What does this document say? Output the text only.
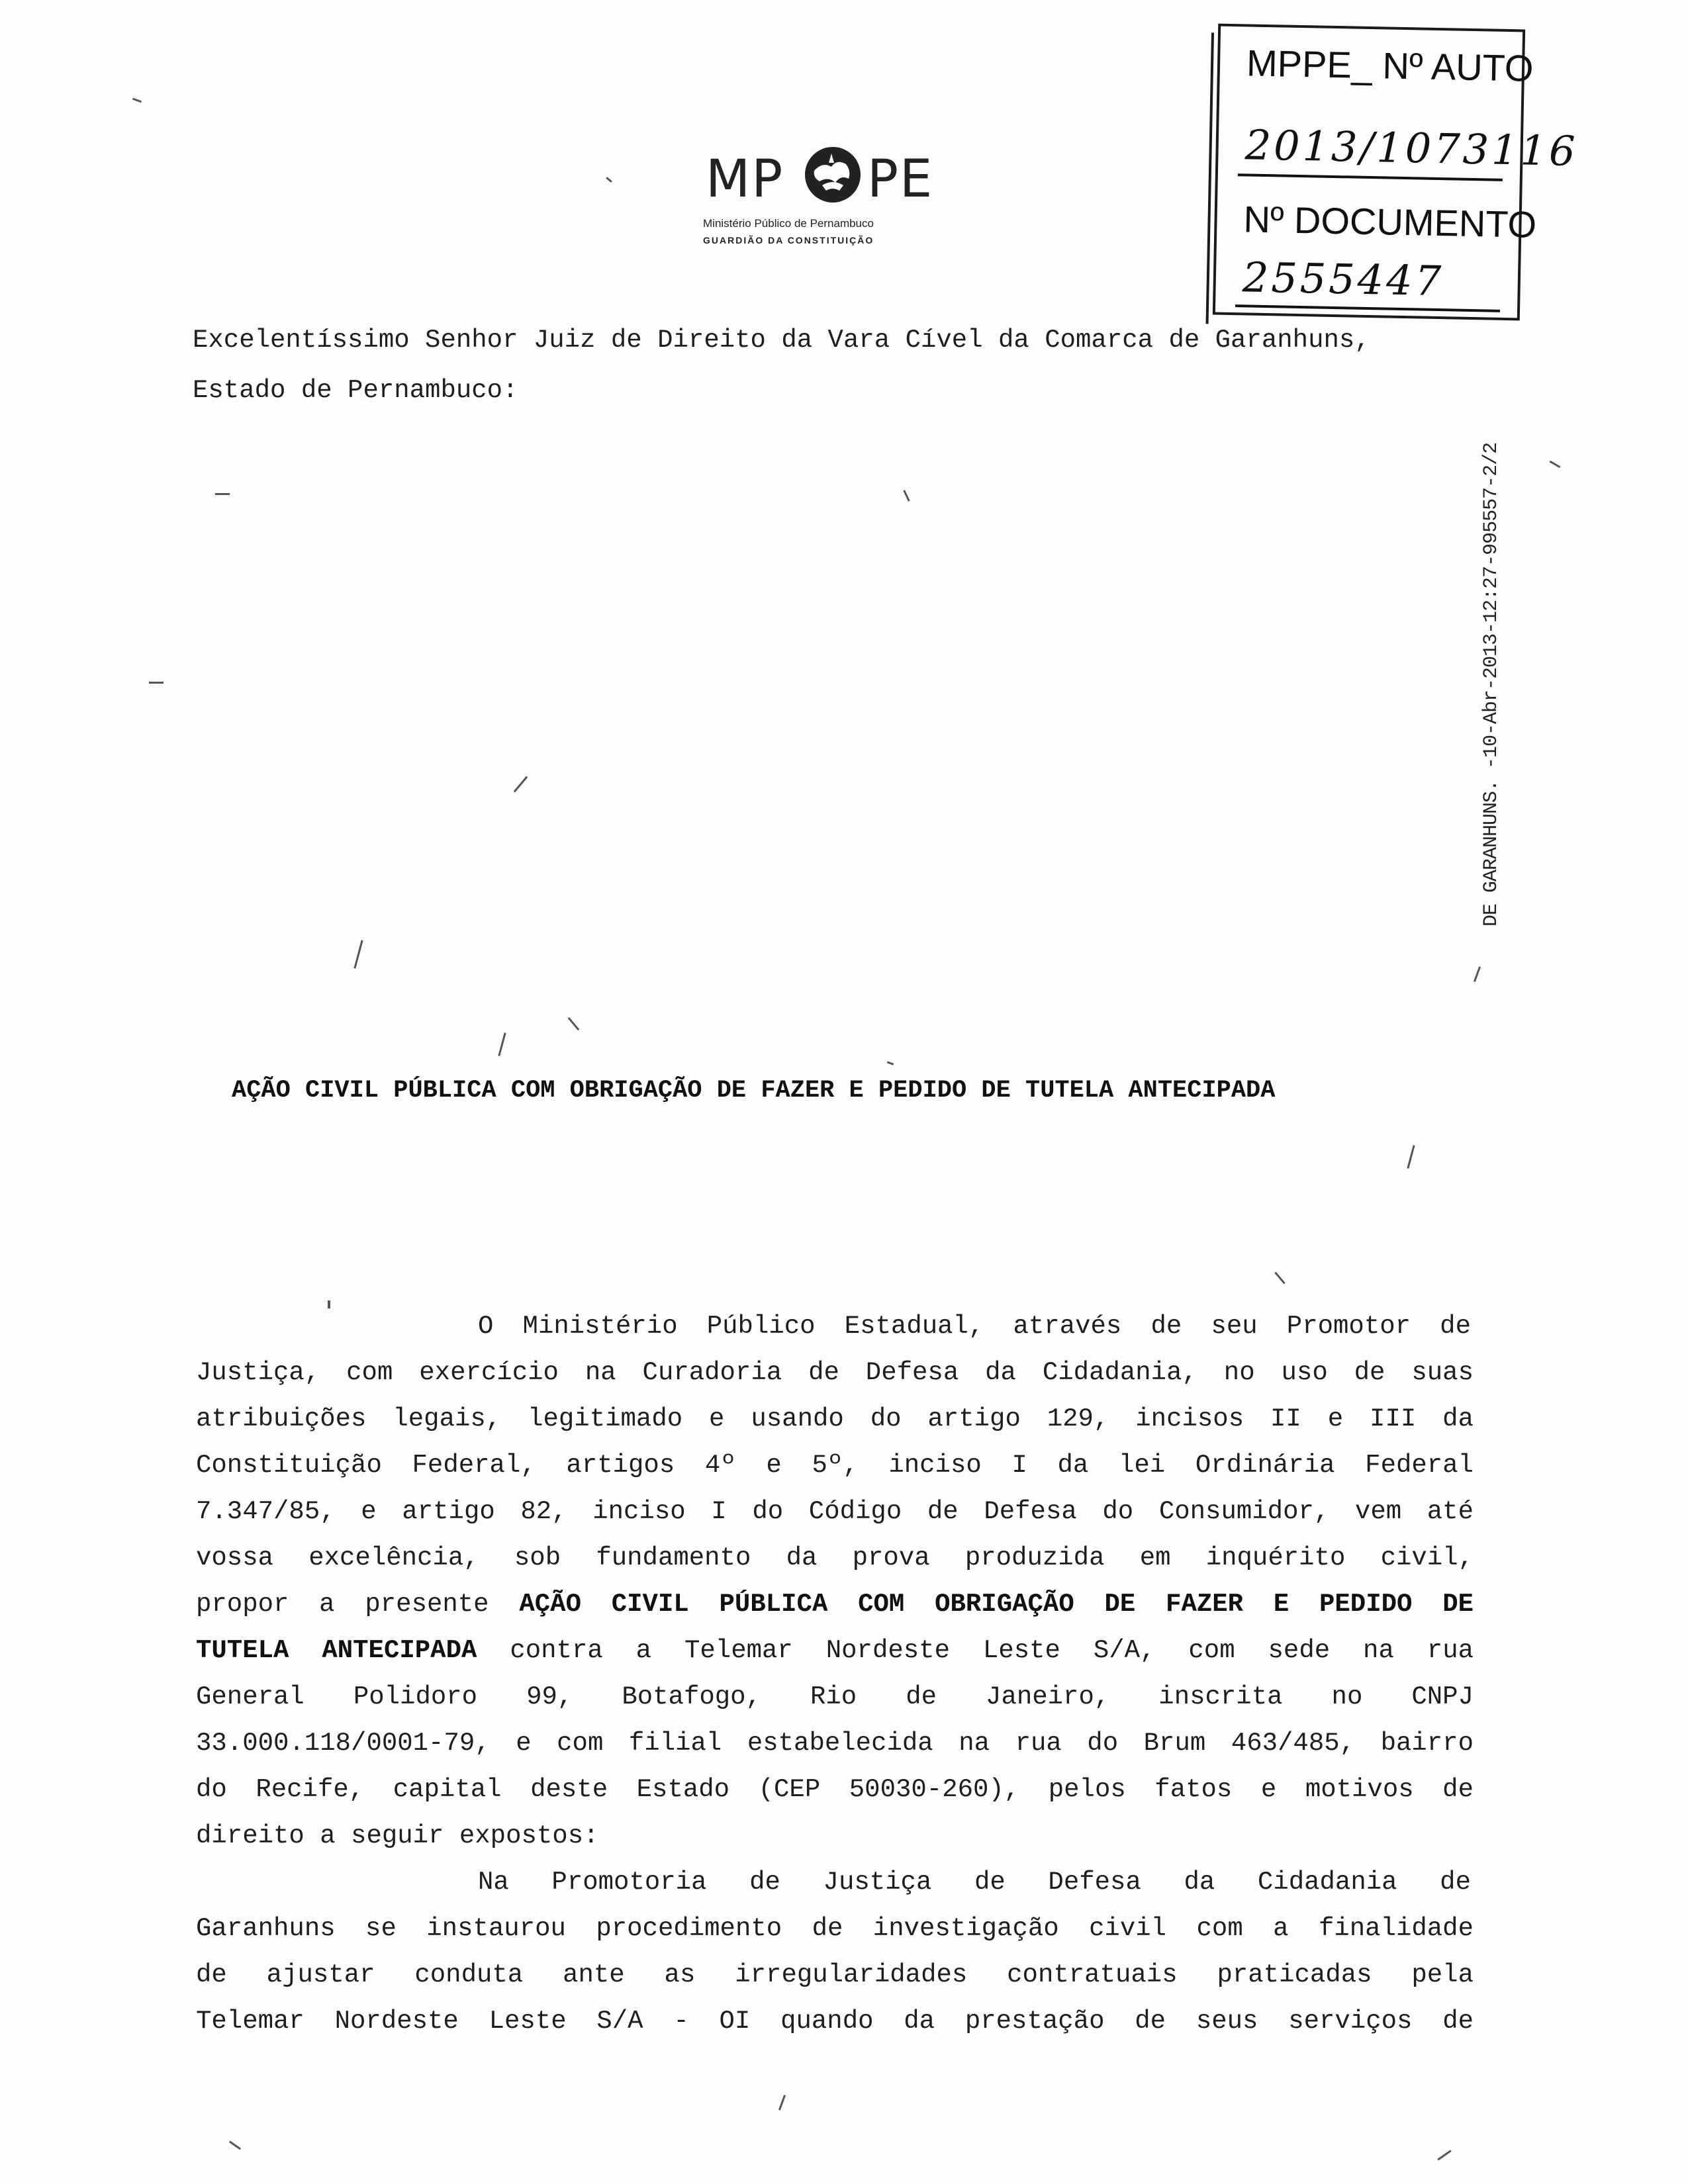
MP PE
Ministério Público de Pernambuco
GUARDIÃO DA CONSTITUIÇÃO
MPPE_ Nº AUTO
2013/1073116
Nº DOCUMENTO
2555447
DE GARANHUNS. -10-Abr-2013-12:27-995557-2/2
Excelentíssimo Senhor Juiz de Direito da Vara Cível da Comarca de Garanhuns,
Estado de Pernambuco:
AÇÃO CIVIL PÚBLICA COM OBRIGAÇÃO DE FAZER E PEDIDO DE TUTELA ANTECIPADA
O Ministério Público Estadual, através de seu Promotor de
Justiça, com exercício na Curadoria de Defesa da Cidadania, no uso de suas
atribuições legais, legitimado e usando do artigo 129, incisos II e III da
Constituição Federal, artigos 4º e 5º, inciso I da lei Ordinária Federal
7.347/85, e artigo 82, inciso I do Código de Defesa do Consumidor, vem até
vossa excelência, sob fundamento da prova produzida em inquérito civil,
propor a presente AÇÃO CIVIL PÚBLICA COM OBRIGAÇÃO DE FAZER E PEDIDO DE
TUTELA ANTECIPADA contra a Telemar Nordeste Leste S/A, com sede na rua
General Polidoro 99, Botafogo, Rio de Janeiro, inscrita no CNPJ
33.000.118/0001-79, e com filial estabelecida na rua do Brum 463/485, bairro
do Recife, capital deste Estado (CEP 50030-260), pelos fatos e motivos de
direito a seguir expostos:
Na Promotoria de Justiça de Defesa da Cidadania de
Garanhuns se instaurou procedimento de investigação civil com a finalidade
de ajustar conduta ante as irregularidades contratuais praticadas pela
Telemar Nordeste Leste S/A - OI quando da prestação de seus serviços de
